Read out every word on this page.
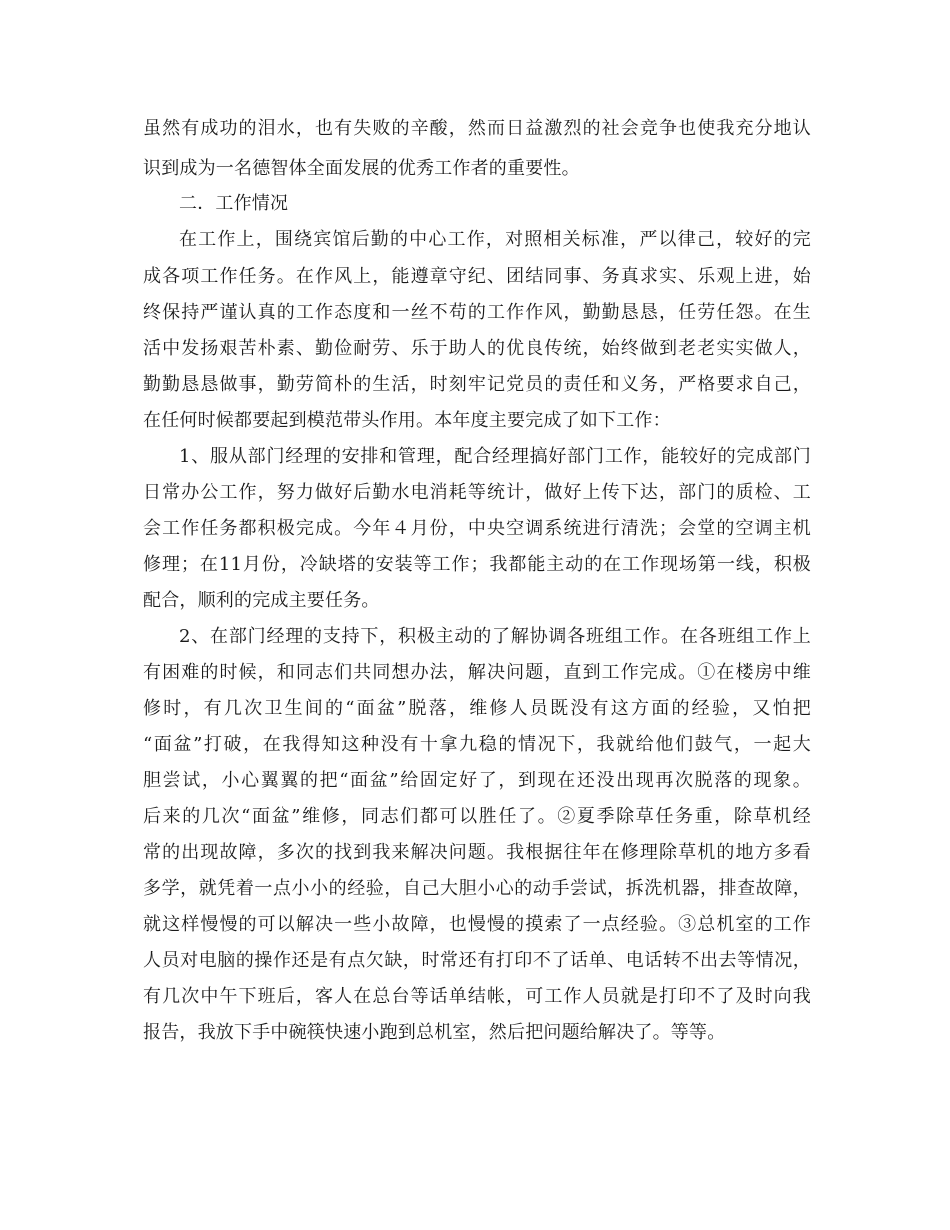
虽然有成功的泪水，也有失败的辛酸，然而日益激烈的社会竞争也使我充分地认
识到成为一名德智体全面发展的优秀工作者的重要性。
二．工作情况
在工作上，围绕宾馆后勤的中心工作，对照相关标准，严以律己，较好的完
成各项工作任务。在作风上，能遵章守纪、团结同事、务真求实、乐观上进，始
终保持严谨认真的工作态度和一丝不苟的工作作风，勤勤恳恳，任劳任怨。在生
活中发扬艰苦朴素、勤俭耐劳、乐于助人的优良传统，始终做到老老实实做人，
勤勤恳恳做事，勤劳简朴的生活，时刻牢记党员的责任和义务，严格要求自己，
在任何时候都要起到模范带头作用。本年度主要完成了如下工作：
1、服从部门经理的安排和管理，配合经理搞好部门工作，能较好的完成部门
日常办公工作，努力做好后勤水电消耗等统计，做好上传下达，部门的质检、工
会工作任务都积极完成。今年４月份，中央空调系统进行清洗；会堂的空调主机
修理；在11月份，冷缺塔的安装等工作；我都能主动的在工作现场第一线，积极
配合，顺利的完成主要任务。
2、在部门经理的支持下，积极主动的了解协调各班组工作。在各班组工作上
有困难的时候，和同志们共同想办法，解决问题，直到工作完成。①在楼房中维
修时，有几次卫生间的“面盆”脱落，维修人员既没有这方面的经验，又怕把
“面盆”打破，在我得知这种没有十拿九稳的情况下，我就给他们鼓气，一起大
胆尝试，小心翼翼的把“面盆”给固定好了，到现在还没出现再次脱落的现象。
后来的几次“面盆”维修，同志们都可以胜任了。②夏季除草任务重，除草机经
常的出现故障，多次的找到我来解决问题。我根据往年在修理除草机的地方多看
多学，就凭着一点小小的经验，自己大胆小心的动手尝试，拆洗机器，排查故障，
就这样慢慢的可以解决一些小故障，也慢慢的摸索了一点经验。③总机室的工作
人员对电脑的操作还是有点欠缺，时常还有打印不了话单、电话转不出去等情况，
有几次中午下班后，客人在总台等话单结帐，可工作人员就是打印不了及时向我
报告，我放下手中碗筷快速小跑到总机室，然后把问题给解决了。等等。
